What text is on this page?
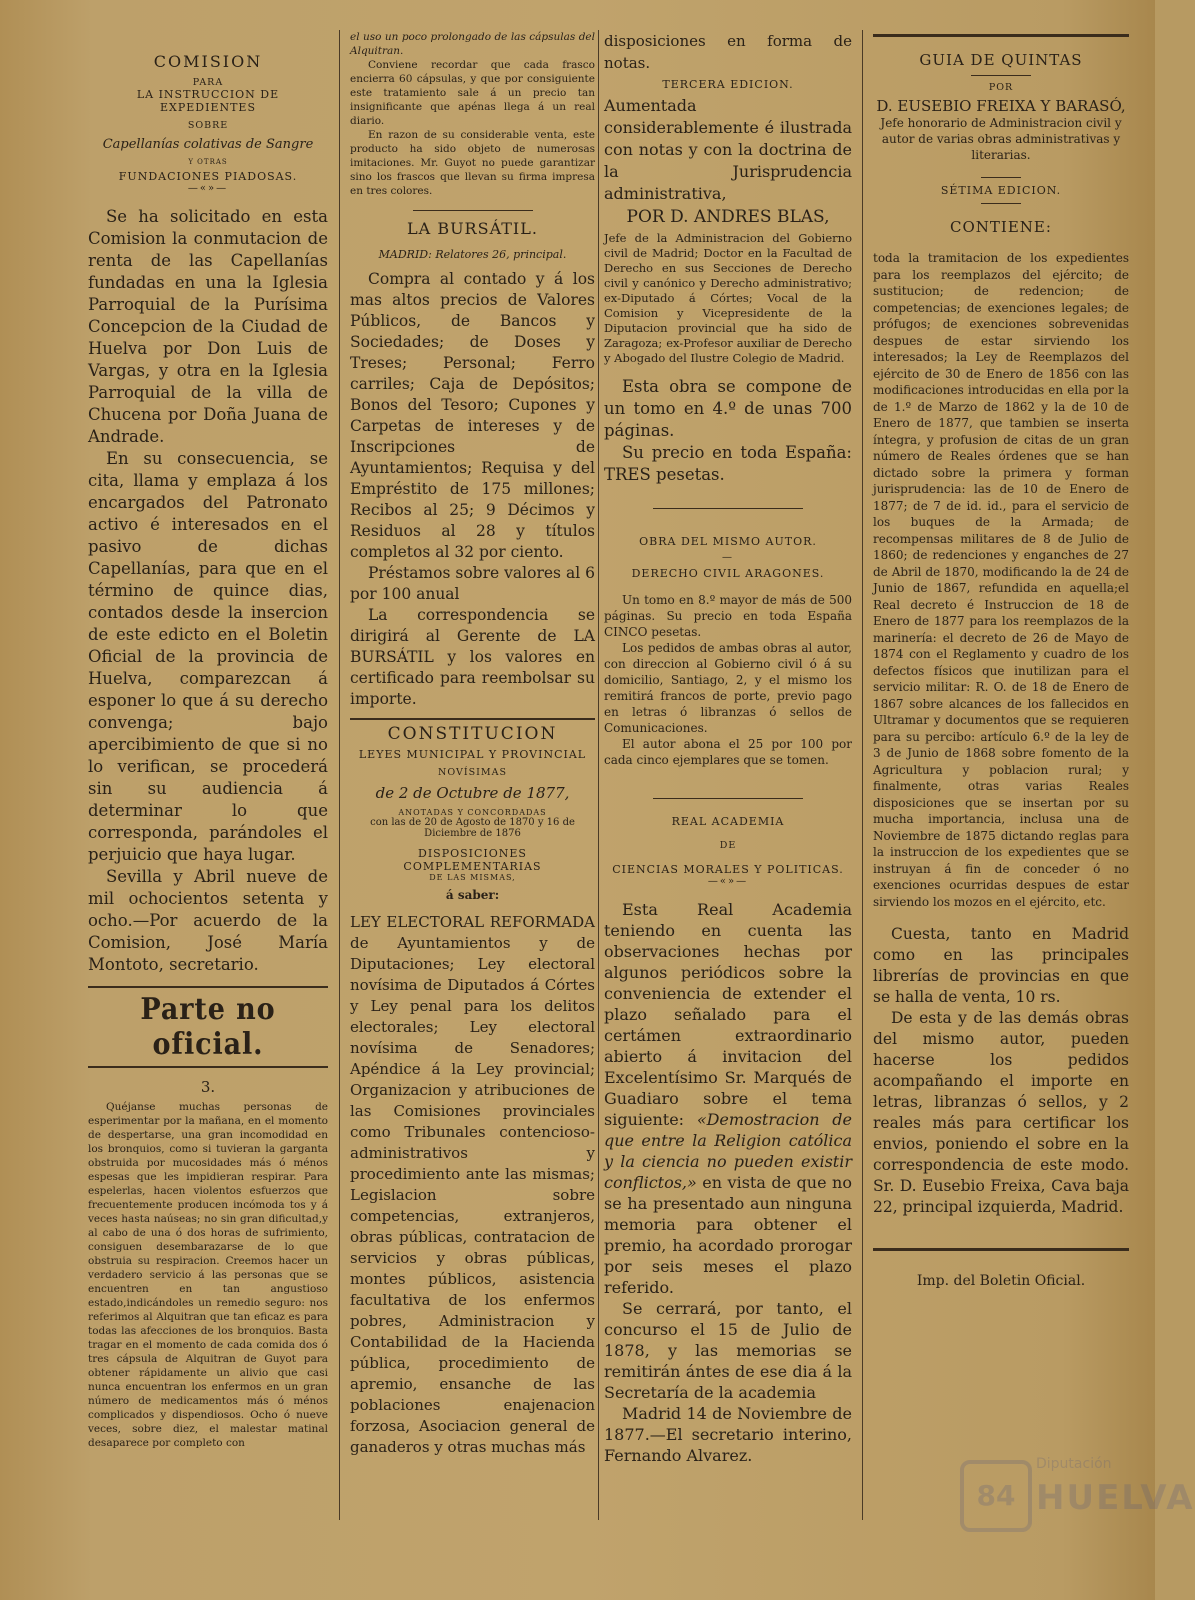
COMISION
PARA
LA INSTRUCCION DE EXPEDIENTES
SOBRE
Capellanías colativas de Sangre
Y OTRAS
FUNDACIONES PIADOSAS.
—«»—

Se ha solicitado en esta Comision la conmutacion de renta de las Capellanías fundadas en una la Iglesia Parroquial de la Purísima Concepcion de la Ciudad de Huelva por Don Luis de Vargas, y otra en la Iglesia Parroquial de la villa de Chucena por Doña Juana de Andrade.

En su consecuencia, se cita, llama y emplaza á los encargados del Patronato activo é interesados en el pasivo de dichas Capellanías, para que en el término de quince dias, contados desde la insercion de este edicto en el Boletin Oficial de la provincia de Huelva, comparezcan á esponer lo que á su derecho convenga; bajo apercibimiento de que si no lo verifican, se procederá sin su audiencia á determinar lo que corresponda, parándoles el perjuicio que haya lugar.

Sevilla y Abril nueve de mil ochocientos setenta y ocho.—Por acuerdo de la Comision, José María Montoto, secretario.

Parte no oficial.
3.

Quéjanse muchas personas de esperimentar por la mañana, en el momento de despertarse, una gran incomodidad en los bronquios, como si tuvieran la garganta obstruida por mucosidades más ó ménos espesas que les impidieran respirar. Para espelerlas, hacen violentos esfuerzos que frecuentemente producen incómoda tos y á veces hasta naúseas; no sin gran dificultad,y al cabo de una ó dos horas de sufrimiento, consiguen desembarazarse de lo que obstruia su respiracion. Creemos hacer un verdadero servicio á las personas que se encuentren en tan angustioso estado,indicándoles un remedio seguro: nos referimos al Alquitran que tan eficaz es para todas las afecciones de los bronquios. Basta tragar en el momento de cada comida dos ó tres cápsula de Alquitran de Guyot para obtener rápidamente un alivio que casi nunca encuentran los enfermos en un gran número de medicamentos más ó ménos complicados y dispendiosos. Ocho ó nueve veces, sobre diez, el malestar matinal desaparece por completo con

el uso un poco prolongado de las cápsulas del Alquitran.

Conviene recordar que cada frasco encierra 60 cápsulas, y que por consiguiente este tratamiento sale á un precio tan insignificante que apénas llega á un real diario.

En razon de su considerable venta, este producto ha sido objeto de numerosas imitaciones. Mr. Guyot no puede garantizar sino los frascos que llevan su firma impresa en tres colores.

LA BURSÁTIL.
MADRID: Relatores 26, principal.

Compra al contado y á los mas altos precios de Valores Públicos, de Bancos y Sociedades; de Doses y Treses; Personal; Ferro carriles; Caja de Depósitos; Bonos del Tesoro; Cupones y Carpetas de intereses y de Inscripciones de Ayuntamientos; Requisa y del Empréstito de 175 millones; Recibos al 25; 9 Décimos y Residuos al 28 y títulos completos al 32 por ciento.

Préstamos sobre valores al 6 por 100 anual

La correspondencia se dirigirá al Gerente de LA BURSÁTIL y los valores en certificado para reembolsar su importe.

CONSTITUCION
LEYES MUNICIPAL Y PROVINCIAL
NOVÍSIMAS
de 2 de Octubre de 1877,
ANOTADAS Y CONCORDADAS
con las de 20 de Agosto de 1870 y 16 de Diciembre de 1876
DISPOSICIONES COMPLEMENTARIAS
DE LAS MISMAS,
á saber:

LEY ELECTORAL REFORMADA de Ayuntamientos y de Diputaciones; Ley electoral novísima de Diputados á Córtes y Ley penal para los delitos electorales; Ley electoral novísima de Senadores; Apéndice á la Ley provincial; Organizacion y atribuciones de las Comisiones provinciales como Tribunales contencioso-administrativos y procedimiento ante las mismas; Legislacion sobre competencias, extranjeros, obras públicas, contratacion de servicios y obras públicas, montes públicos, asistencia facultativa de los enfermos pobres, Administracion y Contabilidad de la Hacienda pública, procedimiento de apremio, ensanche de las poblaciones enajenacion forzosa, Asociacion general de ganaderos y otras muchas más

disposiciones en forma de notas.

TERCERA EDICION.

Aumentada considerablemente é ilustrada con notas y con la doctrina de la Jurisprudencia administrativa,

POR D. ANDRES BLAS,

Jefe de la Administracion del Gobierno civil de Madrid; Doctor en la Facultad de Derecho en sus Secciones de Derecho civil y canónico y Derecho administrativo; ex-Diputado á Córtes; Vocal de la Comision y Vicepresidente de la Diputacion provincial que ha sido de Zaragoza; ex-Profesor auxiliar de Derecho y Abogado del Ilustre Colegio de Madrid.

Esta obra se compone de un tomo en 4.º de unas 700 páginas.

Su precio en toda España: TRES pesetas.

OBRA DEL MISMO AUTOR.
—
DERECHO CIVIL ARAGONES.

Un tomo en 8.º mayor de más de 500 páginas. Su precio en toda España CINCO pesetas.

Los pedidos de ambas obras al autor, con direccion al Gobierno civil ó á su domicilio, Santiago, 2, y el mismo los remitirá francos de porte, previo pago en letras ó libranzas ó sellos de Comunicaciones.

El autor abona el 25 por 100 por cada cinco ejemplares que se tomen.

REAL ACADEMIA
DE
CIENCIAS MORALES Y POLITICAS.
—«»—

Esta Real Academia teniendo en cuenta las observaciones hechas por algunos periódicos sobre la conveniencia de extender el plazo señalado para el certámen extraordinario abierto á invitacion del Excelentísimo Sr. Marqués de Guadiaro sobre el tema siguiente: «Demostracion de que entre la Religion católica y la ciencia no pueden existir conflictos,» en vista de que no se ha presentado aun ninguna memoria para obtener el premio, ha acordado prorogar por seis meses el plazo referido.

Se cerrará, por tanto, el concurso el 15 de Julio de 1878, y las memorias se remitirán ántes de ese dia á la Secretaría de la academia

Madrid 14 de Noviembre de 1877.—El secretario interino, Fernando Alvarez.

GUIA DE QUINTAS
POR
D. EUSEBIO FREIXA Y BARASÓ,

Jefe honorario de Administracion civil y autor de varias obras administrativas y literarias.

SÉTIMA EDICION.
CONTIENE:

toda la tramitacion de los expedientes para los reemplazos del ejército; de sustitucion; de redencion; de competencias; de exenciones legales; de prófugos; de exenciones sobrevenidas despues de estar sirviendo los interesados; la Ley de Reemplazos del ejército de 30 de Enero de 1856 con las modificaciones introducidas en ella por la de 1.º de Marzo de 1862 y la de 10 de Enero de 1877, que tambien se inserta íntegra, y profusion de citas de un gran número de Reales órdenes que se han dictado sobre la primera y forman jurisprudencia: las de 10 de Enero de 1877; de 7 de id. id., para el servicio de los buques de la Armada; de recompensas militares de 8 de Julio de 1860; de redenciones y enganches de 27 de Abril de 1870, modificando la de 24 de Junio de 1867, refundida en aquella;el Real decreto é Instruccion de 18 de Enero de 1877 para los reemplazos de la marinería: el decreto de 26 de Mayo de 1874 con el Reglamento y cuadro de los defectos físicos que inutilizan para el servicio militar: R. O. de 18 de Enero de 1867 sobre alcances de los fallecidos en Ultramar y documentos que se requieren para su percibo: artículo 6.º de la ley de 3 de Junio de 1868 sobre fomento de la Agricultura y poblacion rural; y finalmente, otras varias Reales disposiciones que se insertan por su mucha importancia, inclusa una de Noviembre de 1875 dictando reglas para la instruccion de los expedientes que se instruyan á fin de conceder ó no exenciones ocurridas despues de estar sirviendo los mozos en el ejército, etc.

Cuesta, tanto en Madrid como en las principales librerías de provincias en que se halla de venta, 10 rs.

De esta y de las demás obras del mismo autor, pueden hacerse los pedidos acompañando el importe en letras, libranzas ó sellos, y 2 reales más para certificar los envios, poniendo el sobre en la correspondencia de este modo. Sr. D. Eusebio Freixa, Cava baja 22, principal izquierda, Madrid.

Imp. del Boletin Oficial.
84
Diputación
HUELVA
